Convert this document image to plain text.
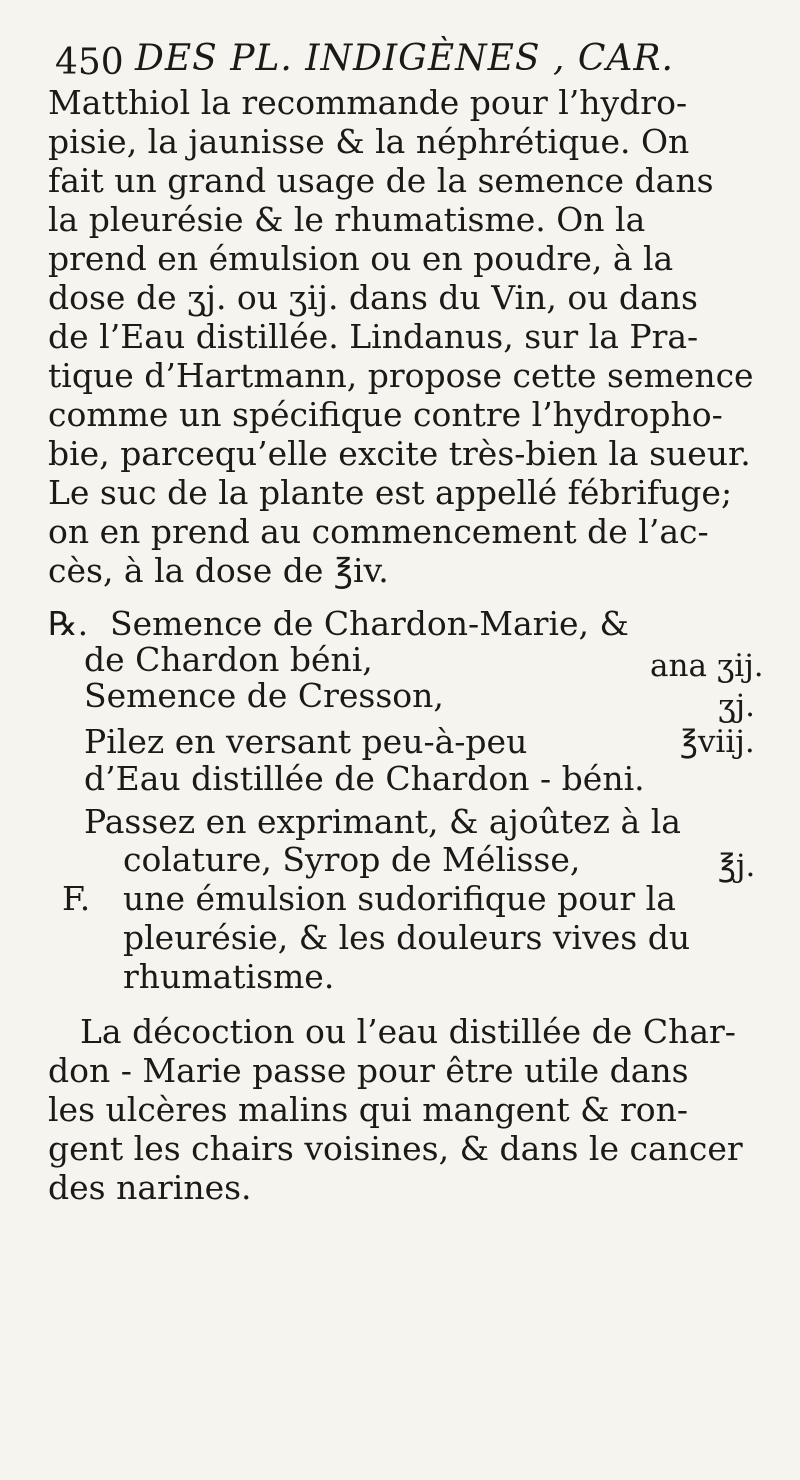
450 DES PL. INDIGÈNES , CAR.
Matthiol la recommande pour l’hydro-
pisie, la jaunisse & la néphrétique. On
fait un grand usage de la semence dans
la pleurésie & le rhumatisme. On la
prend en émulsion ou en poudre, à la
dose de ʒj. ou ʒij. dans du Vin, ou dans
de l’Eau distillée. Lindanus, sur la Pra-
tique d’Hartmann, propose cette semence
comme un spécifique contre l’hydropho-
bie, parcequ’elle excite très-bien la sueur.
Le suc de la plante est appellé fébrifuge;
on en prend au commencement de l’ac-
cès, à la dose de ℥iv.
℞. Semence de Chardon-Marie, &
de Chardon béni,	ana ʒij.
Semence de Cresson,	ʒj.
Pilez en versant peu-à-peu	℥viij.
d’Eau distillée de Chardon - béni.
Passez en exprimant, & ajoûtez à la
colature, Syrop de Mélisse,	℥j.
F. une émulsion sudorifique pour la
pleurésie, & les douleurs vives du
rhumatisme.
La décoction ou l’eau distillée de Char-
don - Marie passe pour être utile dans
les ulcères malins qui mangent & ron-
gent les chairs voisines, & dans le cancer
des narines.
